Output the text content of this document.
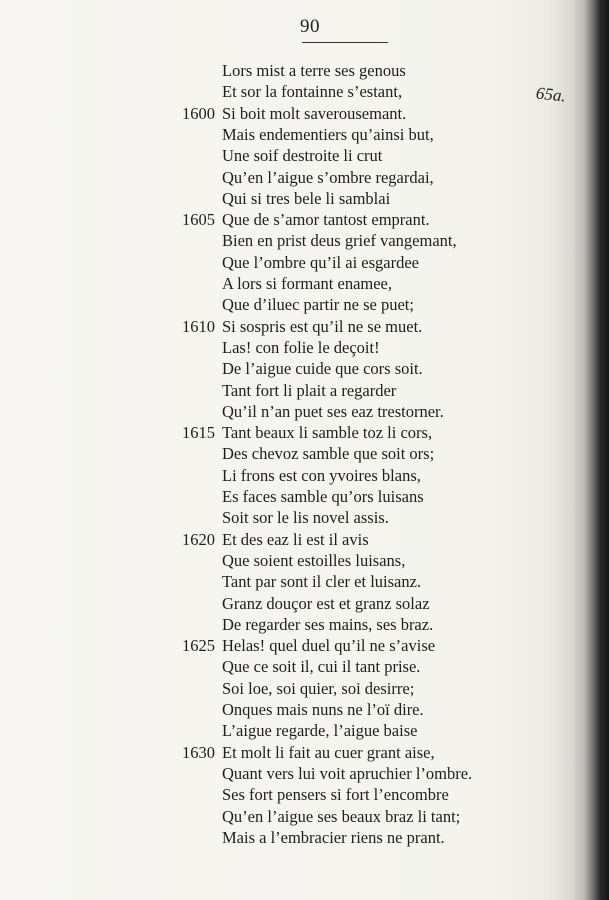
90
65a.
Lors mist a terre ses genous
Et sor la fontainne s’estant,
1600 Si boit molt saverousemant.
Mais endementiers qu’ainsi but,
Une soif destroite li crut
Qu’en l’aigue s’ombre regardai,
Qui si tres bele li samblai
1605 Que de s’amor tantost emprant.
Bien en prist deus grief vangemant,
Que l’ombre qu’il ai esgardee
A lors si formant enamee,
Que d’iluec partir ne se puet;
1610 Si sospris est qu’il ne se muet.
Las! con folie le deçoit!
De l’aigue cuide que cors soit.
Tant fort li plait a regarder
Qu’il n’an puet ses eaz trestorner.
1615 Tant beaux li samble toz li cors,
Des chevoz samble que soit ors;
Li frons est con yvoires blans,
Es faces samble qu’ors luisans
Soit sor le lis novel assis.
1620 Et des eaz li est il avis
Que soient estoilles luisans,
Tant par sont il cler et luisanz.
Granz douçor est et granz solaz
De regarder ses mains, ses braz.
1625 Helas! quel duel qu’il ne s’avise
Que ce soit il, cui il tant prise.
Soi loe, soi quier, soi desirre;
Onques mais nuns ne l’oï dire.
L’aigue regarde, l’aigue baise
1630 Et molt li fait au cuer grant aise,
Quant vers lui voit apruchier l’ombre.
Ses fort pensers si fort l’encombre
Qu’en l’aigue ses beaux braz li tant;
Mais a l’embracier riens ne prant.
